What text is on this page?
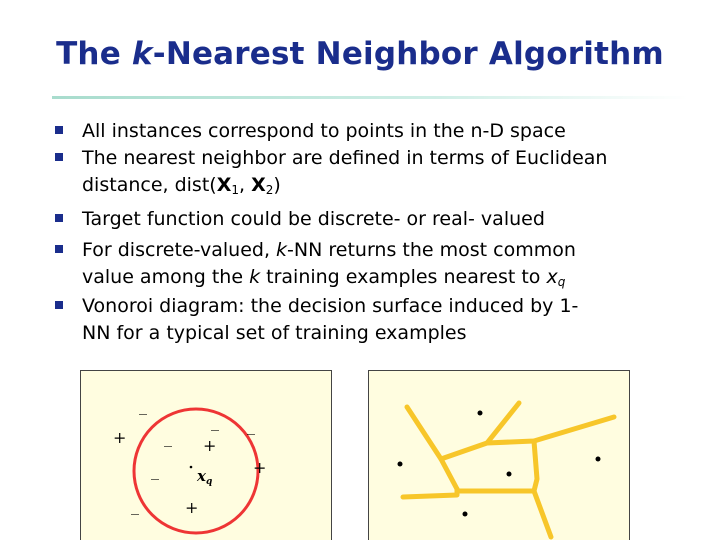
The k-Nearest Neighbor Algorithm
All instances correspond to points in the n-D space
The nearest neighbor are defined in terms of Euclidean
distance, $dist(X_1$, $X_2$)
Target function could be discrete- or real- valued
For discrete-valued, k-NN returns the most common
value among the k training examples nearest to $x_q$
Vonoroi diagram: the decision surface induced by 1-
NN for a typical set of training examples
_
_ _
_
_
_
+	+
+
+
$x_q$
